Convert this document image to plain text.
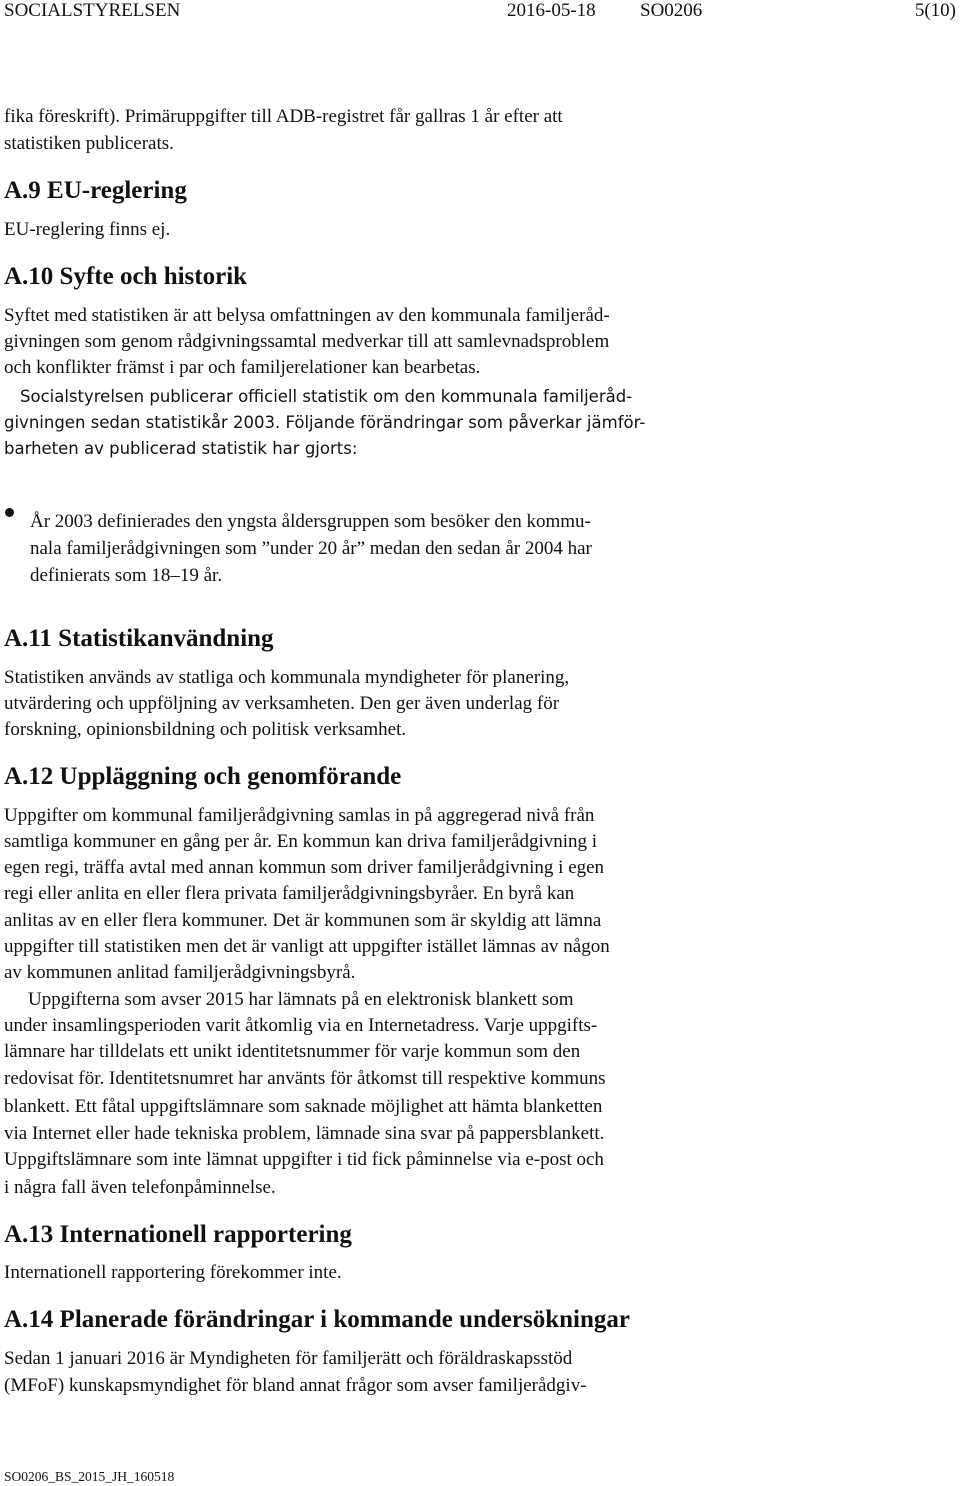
SOCIALSTYRELSEN	2016-05-18 SO0206	5(10)
fika föreskrift). Primäruppgifter till ADB-registret får gallras 1 år efter att
statistiken publicerats.
A.9 EU-reglering
EU-reglering finns ej.
A.10 Syfte och historik
Syftet med statistiken är att belysa omfattningen av den kommunala familjeråd-
givningen som genom rådgivningssamtal medverkar till att samlevnadsproblem
och konflikter främst i par och familjerelationer kan bearbetas.
Socialstyrelsen publicerar officiell statistik om den kommunala familjeråd-
givningen sedan statistikår 2003. Följande förändringar som påverkar jämför-
barheten av publicerad statistik har gjorts:
År 2003 definierades den yngsta åldersgruppen som besöker den kommu-
nala familjerådgivningen som ”under 20 år” medan den sedan år 2004 har
definierats som 18–19 år.
A.11 Statistikanvändning
Statistiken används av statliga och kommunala myndigheter för planering,
utvärdering och uppföljning av verksamheten. Den ger även underlag för
forskning, opinionsbildning och politisk verksamhet.
A.12 Uppläggning och genomförande
Uppgifter om kommunal familjerådgivning samlas in på aggregerad nivå från
samtliga kommuner en gång per år. En kommun kan driva familjerådgivning i
egen regi, träffa avtal med annan kommun som driver familjerådgivning i egen
regi eller anlita en eller flera privata familjerådgivningsbyråer. En byrå kan
anlitas av en eller flera kommuner. Det är kommunen som är skyldig att lämna
uppgifter till statistiken men det är vanligt att uppgifter istället lämnas av någon
av kommunen anlitad familjerådgivningsbyrå.
Uppgifterna som avser 2015 har lämnats på en elektronisk blankett som
under insamlingsperioden varit åtkomlig via en Internetadress. Varje uppgifts-
lämnare har tilldelats ett unikt identitetsnummer för varje kommun som den
redovisat för. Identitetsnumret har använts för åtkomst till respektive kommuns
blankett. Ett fåtal uppgiftslämnare som saknade möjlighet att hämta blanketten
via Internet eller hade tekniska problem, lämnade sina svar på pappersblankett.
Uppgiftslämnare som inte lämnat uppgifter i tid fick påminnelse via e-post och
i några fall även telefonpåminnelse.
A.13 Internationell rapportering
Internationell rapportering förekommer inte.
A.14 Planerade förändringar i kommande undersökningar
Sedan 1 januari 2016 är Myndigheten för familjerätt och föräldraskapsstöd
(MFoF) kunskapsmyndighet för bland annat frågor som avser familjerådgiv-
SO0206_BS_2015_JH_160518
